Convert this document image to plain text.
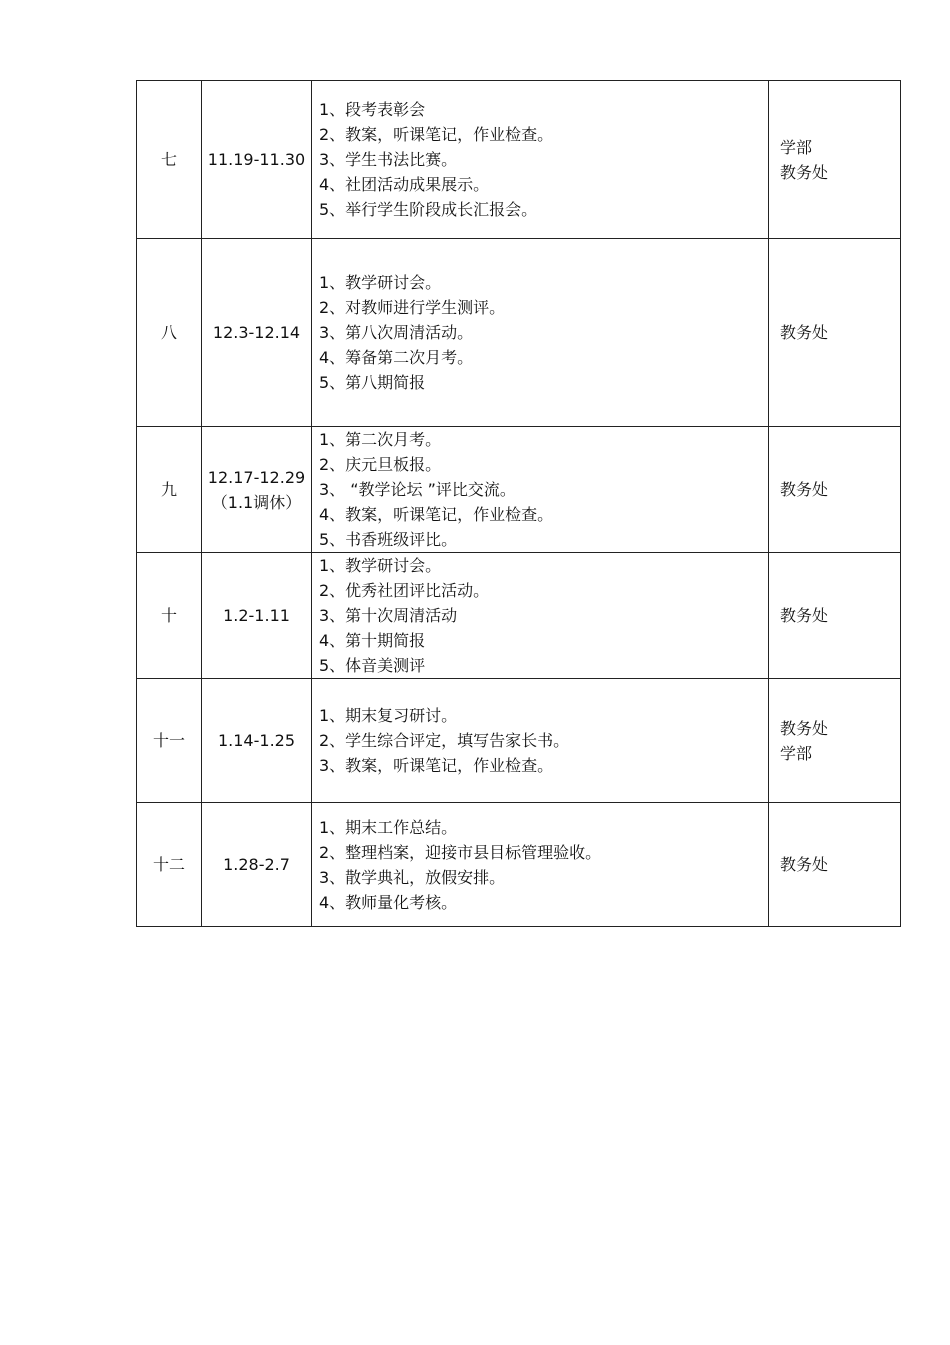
七	11.19-11.30	1、段考表彰会
2、教案，听课笔记，作业检查。
3、学生书法比赛。
4、社团活动成果展示。
5、举行学生阶段成长汇报会。	学部
教务处

八	12.3-12.14	1、教学研讨会。
2、对教师进行学生测评。
3、第八次周清活动。
4、筹备第二次月考。
5、第八期简报	教务处

九	12.17-12.29
（1.1调休）	1、第二次月考。
2、庆元旦板报。
3、 “教学论坛 ”评比交流。
4、教案，听课笔记，作业检查。
5、书香班级评比。	教务处

十	1.2-1.11	1、教学研讨会。
2、优秀社团评比活动。
3、第十次周清活动
4、第十期简报
5、体音美测评	教务处

十一	1.14-1.25	1、期末复习研讨。
2、学生综合评定，填写告家长书。
3、教案，听课笔记，作业检查。	教务处
学部

十二	1.28-2.7	1、期末工作总结。
2、整理档案，迎接市县目标管理验收。
3、散学典礼，放假安排。
4、教师量化考核。	教务处
